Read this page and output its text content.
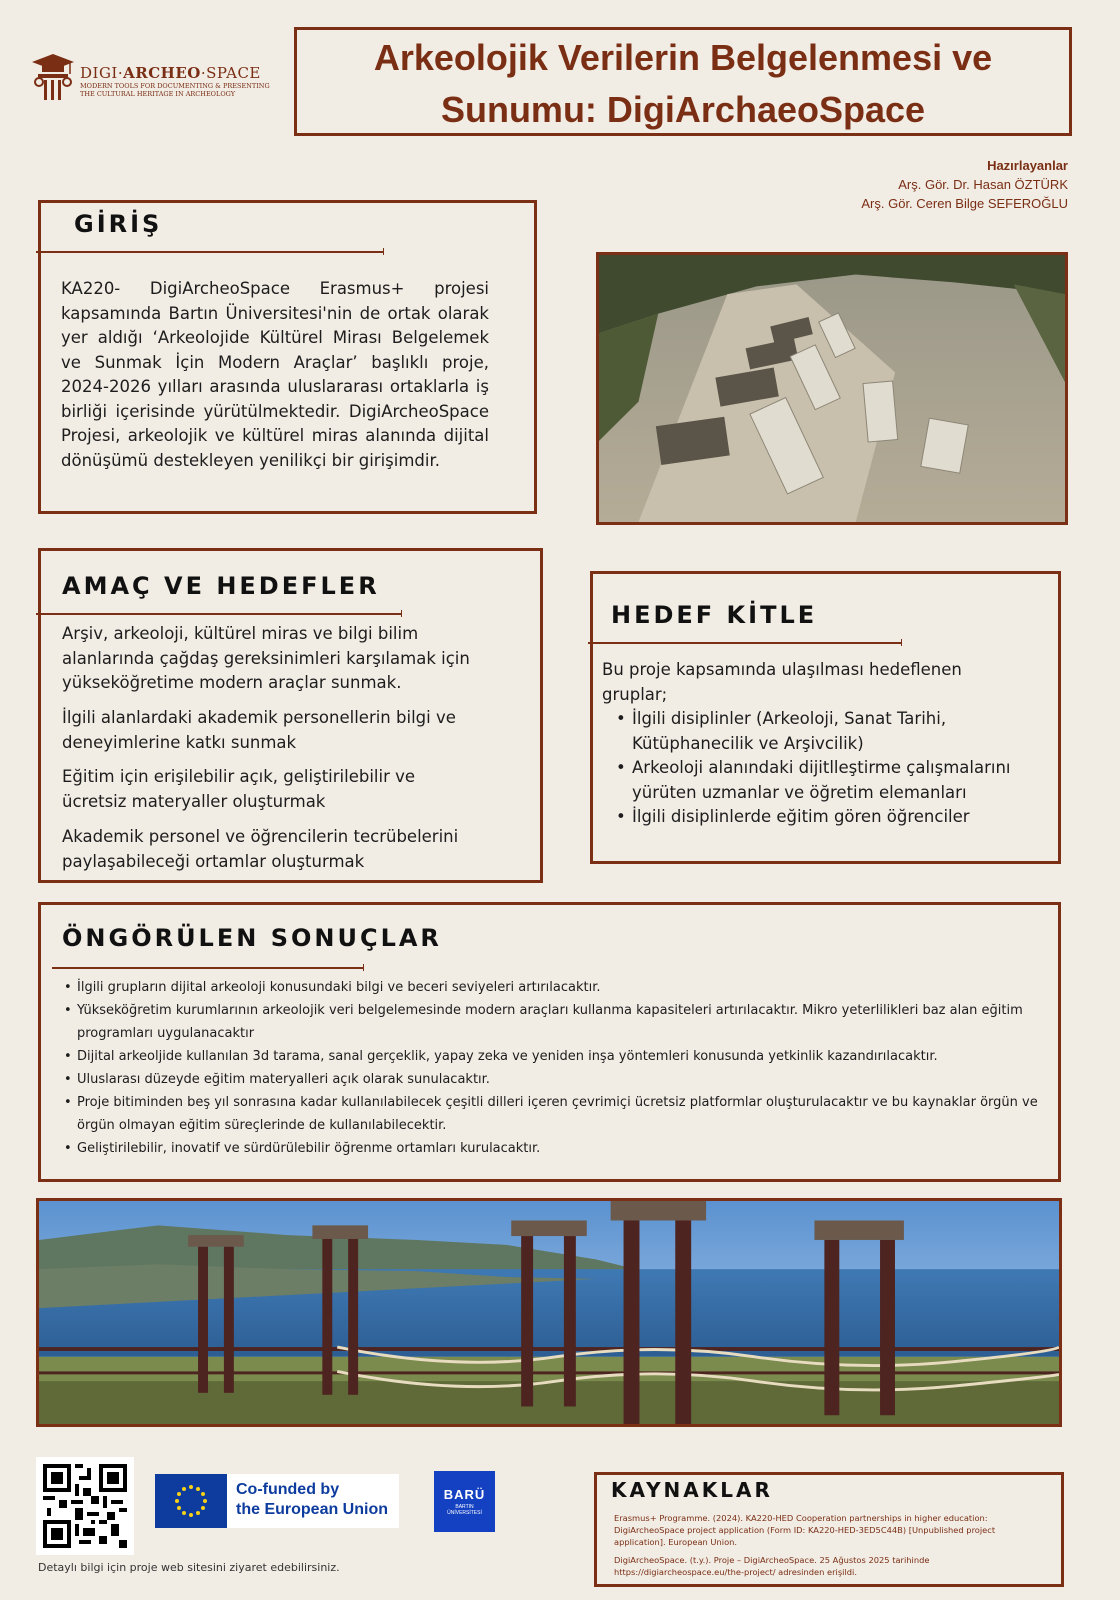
DIGI·ARCHEO·SPACE
MODERN TOOLS FOR DOCUMENTING & PRESENTING
THE CULTURAL HERITAGE IN ARCHEOLOGY
Arkeolojik Verilerin Belgelenmesi ve
Sunumu: DigiArchaeoSpace
Hazırlayanlar
Arş. Gör. Dr. Hasan ÖZTÜRK
Arş. Gör. Ceren Bilge SEFEROĞLU
GİRİŞ
KA220- DigiArcheoSpace Erasmus+ projesi kapsamında Bartın Üniversitesi'nin de ortak olarak yer aldığı ‘Arkeolojide Kültürel Mirası Belgelemek ve Sunmak İçin Modern Araçlar’ başlıklı proje, 2024-2026 yılları arasında uluslararası ortaklarla iş birliği içerisinde yürütülmektedir. DigiArcheoSpace Projesi, arkeolojik ve kültürel miras alanında dijital dönüşümü destekleyen yenilikçi bir girişimdir.
AMAÇ VE HEDEFLER
Arşiv, arkeoloji, kültürel miras ve bilgi bilim alanlarında çağdaş gereksinimleri karşılamak için yükseköğretime modern araçlar sunmak.
İlgili alanlardaki akademik personellerin bilgi ve deneyimlerine katkı sunmak
Eğitim için erişilebilir açık, geliştirilebilir ve ücretsiz materyaller oluşturmak
Akademik personel ve öğrencilerin tecrübelerini paylaşabileceği ortamlar oluşturmak
HEDEF KİTLE
Bu proje kapsamında ulaşılması hedeflenen gruplar;
• İlgili disiplinler (Arkeoloji, Sanat Tarihi, Kütüphanecilik ve Arşivcilik)
• Arkeoloji alanındaki dijitlleştirme çalışmalarını yürüten uzmanlar ve öğretim elemanları
• İlgili disiplinlerde eğitim gören öğrenciler
ÖNGÖRÜLEN SONUÇLAR
• İlgili grupların dijital arkeoloji konusundaki bilgi ve beceri seviyeleri artırılacaktır.
• Yükseköğretim kurumlarının arkeolojik veri belgelemesinde modern araçları kullanma kapasiteleri artırılacaktır. Mikro yeterlilikleri baz alan eğitim programları uygulanacaktır
• Dijital arkeoljide kullanılan 3d tarama, sanal gerçeklik, yapay zeka ve yeniden inşa yöntemleri konusunda yetkinlik kazandırılacaktır.
• Uluslarası düzeyde eğitim materyalleri açık olarak sunulacaktır.
• Proje bitiminden beş yıl sonrasına kadar kullanılabilecek çeşitli dilleri içeren çevrimiçi ücretsiz platformlar oluşturulacaktır ve bu kaynaklar örgün ve örgün olmayan eğitim süreçlerinde de kullanılabilecektir.
• Geliştirilebilir, inovatif ve sürdürülebilir öğrenme ortamları kurulacaktır.
Detaylı bilgi için proje web sitesini ziyaret edebilirsiniz.
Co-funded by
the European Union
BARÜ
BARTIN
ÜNİVERSİTESİ
KAYNAKLAR
Erasmus+ Programme. (2024). KA220-HED Cooperation partnerships in higher education: DigiArcheoSpace project application (Form ID: KA220-HED-3ED5C44B) [Unpublished project application]. European Union.
DigiArcheoSpace. (t.y.). Proje – DigiArcheoSpace. 25 Ağustos 2025 tarihinde https://digiarcheospace.eu/the-project/ adresinden erişildi.
